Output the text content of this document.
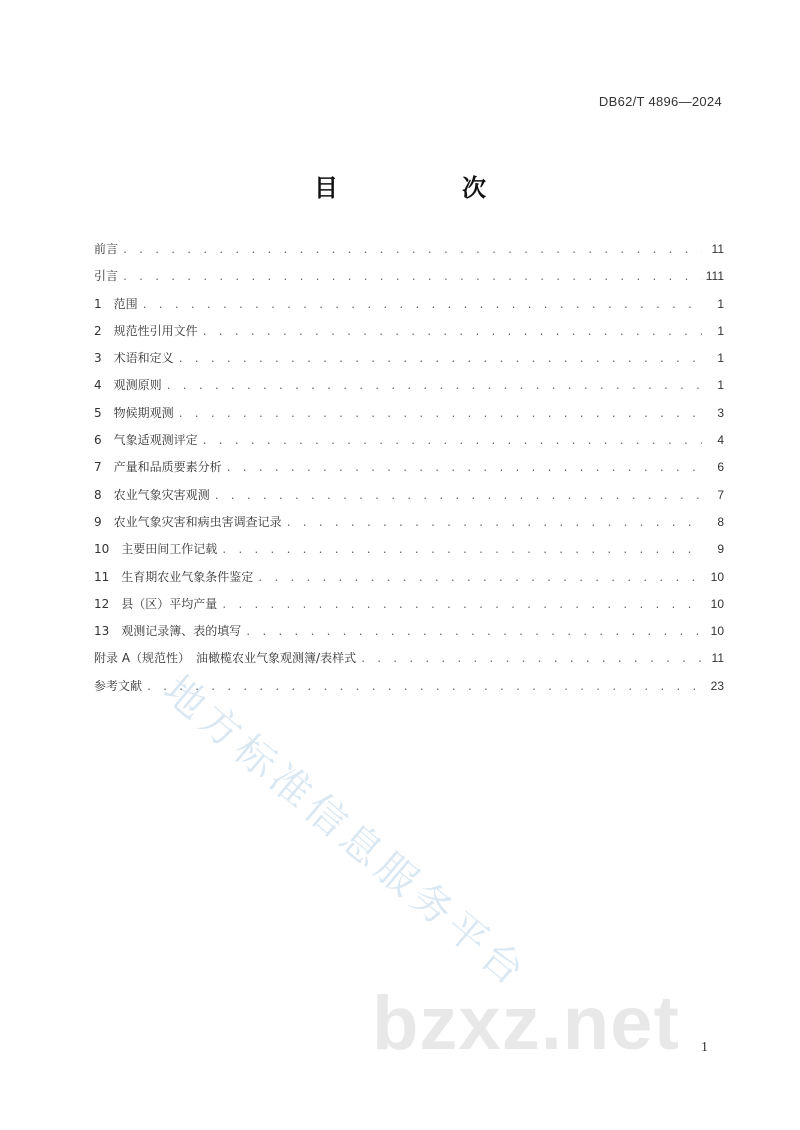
DB62/T 4896—2024
目　次
前言 . . .	11
引言 . . .	111
1　范围 . . .	1
2　规范性引用文件 . . .	1
3　术语和定义 . . .	1
4　观测原则 . . .	1
5　物候期观测 . . .	3
6　气象适观测评定 . . .	4
7　产量和品质要素分析 . . .	6
8　农业气象灾害观测 . . .	7
9　农业气象灾害和病虫害调查记录 . . .	8
10　主要田间工作记载 . . .	9
11　生育期农业气象条件鉴定 . . .	10
12　县（区）平均产量 . . .	10
13　观测记录簿、表的填写 . . .	10
附录 A（规范性）　油橄榄农业气象观测簿/表样式 . . .	11
参考文献 . . .	23
地方标准信息服务平台
bzxz.net 1
